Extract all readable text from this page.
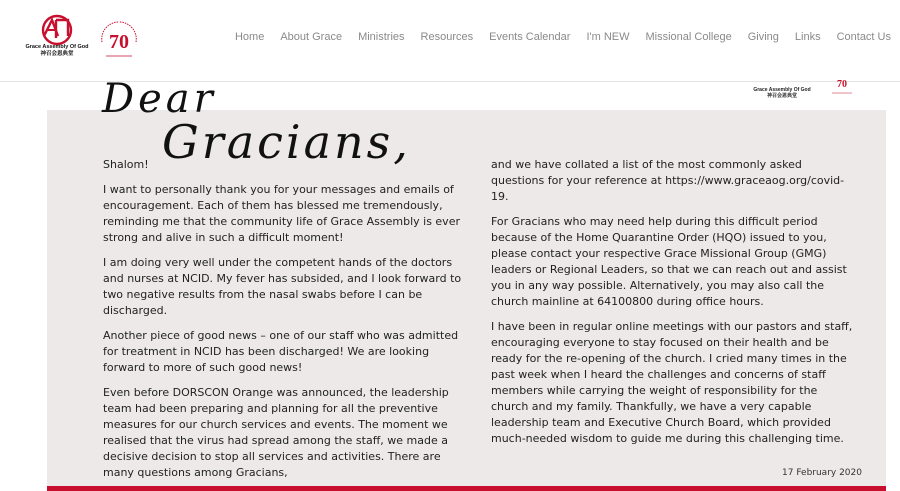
Grace Assembly Of God
神召会恩典堂
70	Home About Grace Ministries Resources Events Calendar I'm NEW Missional College Giving Links Contact Us
Grace Assembly Of God
神召会恩典堂
70

Shalom!

I want to personally thank you for your messages and emails of encouragement. Each of them has blessed me tremendously, reminding me that the community life of Grace Assembly is ever strong and alive in such a difficult moment!

I am doing very well under the competent hands of the doctors and nurses at NCID. My fever has subsided, and I look forward to two negative results from the nasal swabs before I can be discharged.

Another piece of good news – one of our staff who was admitted for treatment in NCID has been discharged! We are looking forward to more of such good news!

Even before DORSCON Orange was announced, the leadership team had been preparing and planning for all the preventive measures for our church services and events. The moment we realised that the virus had spread among the staff, we made a decisive decision to stop all services and activities. There are many questions among Gracians,

and we have collated a list of the most commonly asked questions for your reference at https://www.graceaog.org/covid-19.

For Gracians who may need help during this difficult period because of the Home Quarantine Order (HQO) issued to you, please contact your respective Grace Missional Group (GMG) leaders or Regional Leaders, so that we can reach out and assist you in any way possible. Alternatively, you may also call the church mainline at 64100800 during office hours.

I have been in regular online meetings with our pastors and staff, encouraging everyone to stay focused on their health and be ready for the re-opening of the church. I cried many times in the past week when I heard the challenges and concerns of staff members while carrying the weight of responsibility for the church and my family. Thankfully, we have a very capable leadership team and Executive Church Board, which provided much-needed wisdom to guide me during this challenging time.

17 February 2020
Dear
Gracians,
